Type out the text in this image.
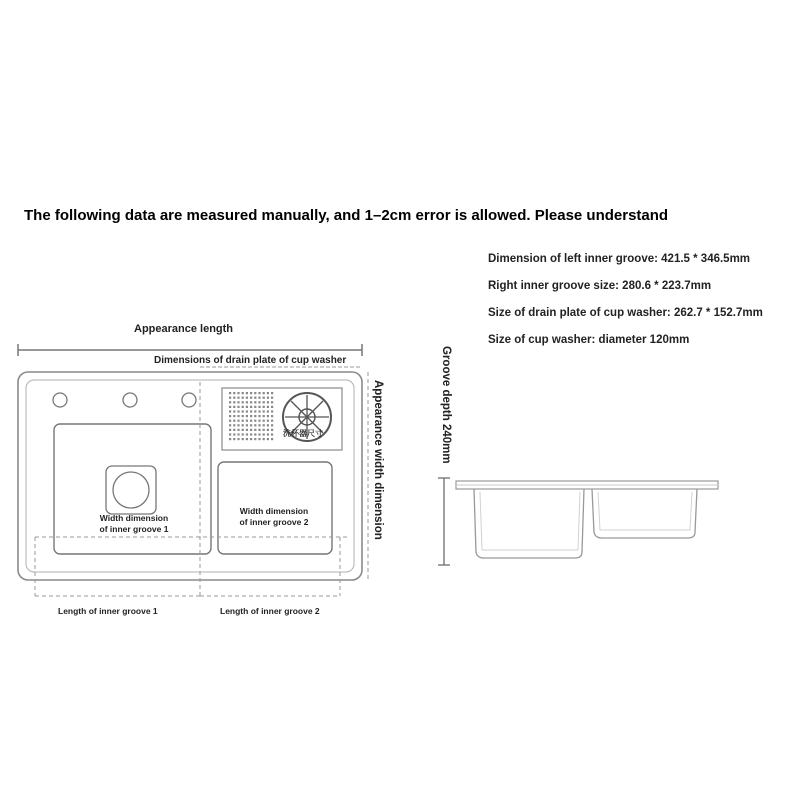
The following data are measured manually, and 1–2cm error is allowed. Please understand
Dimension of left inner groove: 421.5 * 346.5mm
Right inner groove size: 280.6 * 223.7mm
Size of drain plate of cup washer: 262.7 * 152.7mm
Size of cup washer: diameter 120mm
Appearance length
Dimensions of drain plate of cup washer
Appearance width dimension
Width dimension
of inner groove 1
Width dimension
of inner groove 2
Length of inner groove 1	Length of inner groove 2
洗杯器尺寸	Groove depth 240mm
